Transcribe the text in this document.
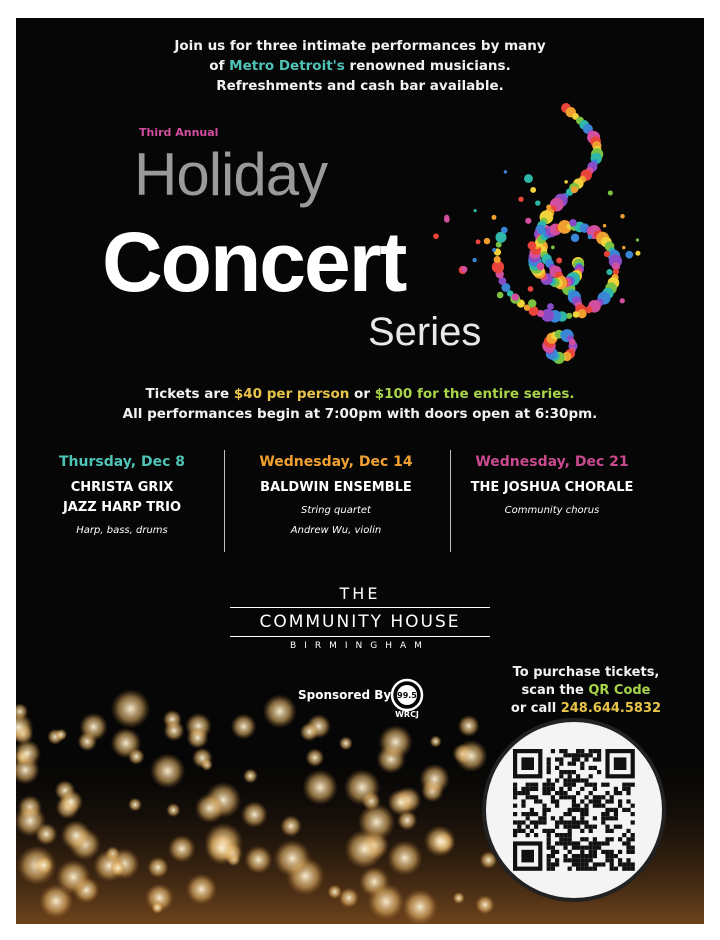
Join us for three intimate performances by many
of Metro Detroit's renowned musicians.
Refreshments and cash bar available.
Third Annual
Holiday
Concert
Series
Tickets are $40 per person or $100 for the entire series.
All performances begin at 7:00pm with doors open at 6:30pm.
Thursday, Dec 8
CHRISTA GRIX
JAZZ HARP TRIO
Harp, bass, drums
Wednesday, Dec 14
BALDWIN ENSEMBLE
String quartet
Andrew Wu, violin
Wednesday, Dec 21
THE JOSHUA CHORALE
Community chorus
THE
COMMUNITY HOUSE
BIRMINGHAM
Sponsored By 99.5
WRCJ
To purchase tickets,
scan the QR Code
or call 248.644.5832
